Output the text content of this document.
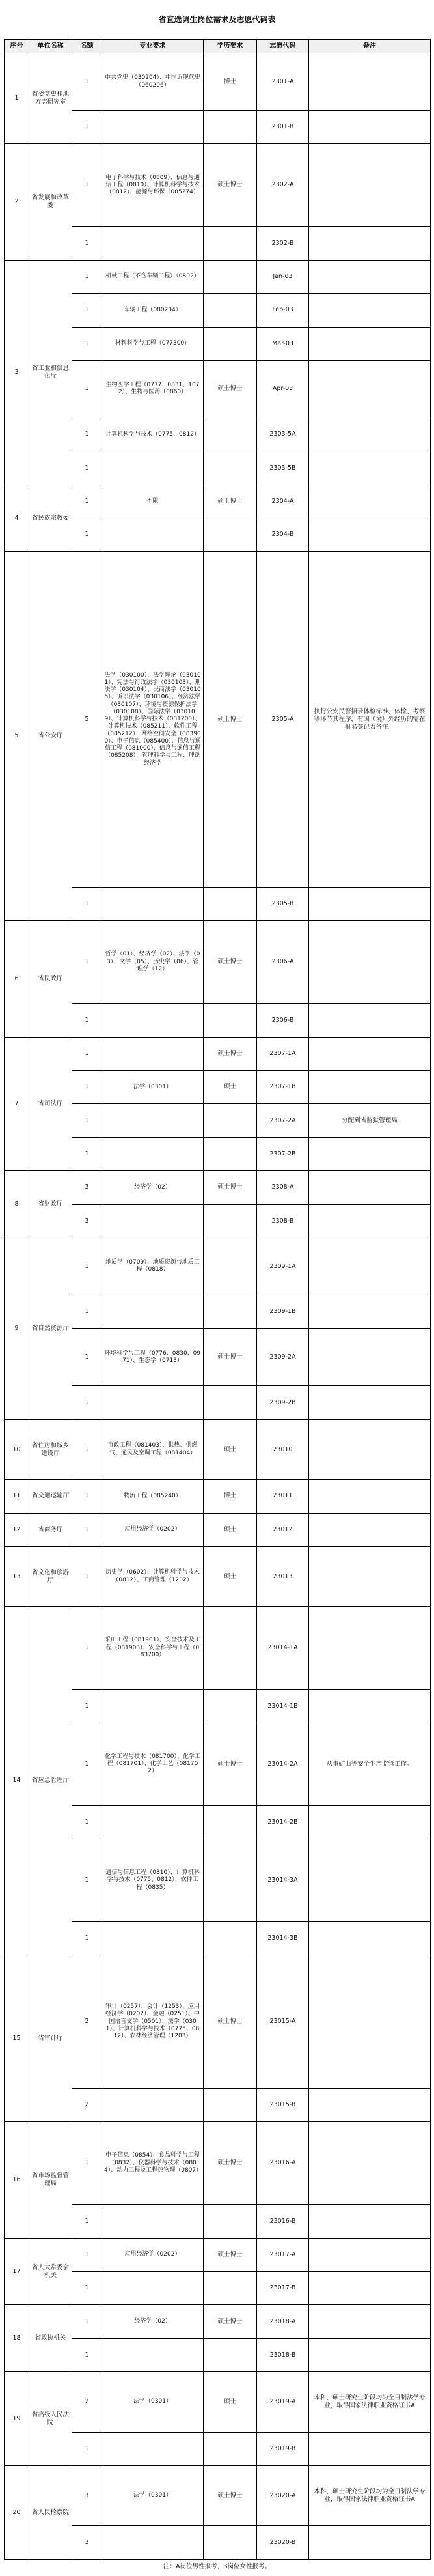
省直选调生岗位需求及志愿代码表
序号	单位名称	名额	专业要求	学历要求	志愿代码	备注
1	省委党史和地方志研究室	1	中共党史（030204）、中国近现代史（060206）	博士	2301-A	
		1			2301-B	
2	省发展和改革委	1	电子科学与技术（0809）、信息与通信工程（0810）、计算机科学与技术（0812）、能源与环保（085274）	硕士博士	2302-A	
		1			2302-B	
3	省工业和信息化厅	1	机械工程（不含车辆工程）（0802）		Jan-03	
		1	车辆工程（080204）		Feb-03	
		1	材料科学与工程（077300）		Mar-03	
		1	生物医学工程（0777、0831、1072）、生物与医药（0860）	硕士博士	Apr-03	
		1	计算机科学与技术（0775、0812）		2303-5A	
		1			2303-5B	
4	省民族宗教委	1	不限	硕士博士	2304-A	
		1			2304-B	
5	省公安厅	5	法学（030100）、法学理论（030101）、宪法与行政法学（030103）、刑法学（030104）、民商法学（030105）、诉讼法学（030106）、经济法学（030107）、环境与资源保护法学（030108）、国际法学（030109）、计算机科学与技术（081200）、计算机技术（085211）、软件工程（085212）、网络空间安全（083900）、电子信息（085400）、信息与通信工程（081000）、信息与通信工程（085208）、管理科学与工程、理论经济学	硕士博士	2305-A	执行公安民警招录体检标准、体检、考察等环节其程序，有国（境）外经历的需在报名登记表备注。
		1			2305-B	
6	省民政厅	1	哲学（01）、经济学（02）、法学（03）、文学（05）、历史学（06）、管理学（12）	硕士博士	2306-A	
		1			2306-B	
7	省司法厅	1		硕士博士	2307-1A	
		1	法学（0301）	硕士	2307-1B	
		1			2307-2A	分配到省监狱管理局
		1			2307-2B	
8	省财政厅	3	经济学（02）	硕士博士	2308-A	
		3			2308-B	
9	省自然资源厅	1	地质学（0709）、地质资源与地质工程（0818）		2309-1A	
		1			2309-1B	
		1	环境科学与工程（0776、0830、0971）、生态学（0713）	硕士博士	2309-2A	
		1			2309-2B	
10	省住房和城乡建设厅	1	市政工程（081403）、供热、供燃气、通风及空调工程（081404）	硕士	23010	
11	省交通运输厅	1	物流工程（085240）	博士	23011	
12	省商务厅	1	应用经济学（0202）	硕士	23012	
13	省文化和旅游厅	1	历史学（0602）、计算机科学与技术（0812）、工商管理（1202）	硕士	23013	
14	省应急管理厅	1	采矿工程（081901）、安全技术及工程（081903）、安全科学与工程（083700）		23014-1A	
		1			23014-1B	
		1	化学工程与技术（081700）、化学工程（081701）、化学工艺（081702）	硕士博士	23014-2A	从事矿山等安全生产监管工作。
		1			23014-2B	
		1	通信与信息工程（0810）、计算机科学与技术（0775、0812）、软件工程（0835）		23014-3A	
		1			23014-3B	
15	省审计厅	2	审计（0257）、会计（1253）、应用经济学（0202）、金融（0251）、中国语言文学（0501）、法学（0301）、计算机科学与技术（0775、0812）、农林经济管理（1203）	硕士博士	23015-A	
		2			23015-B	
16	省市场监督管理局	1	电子信息（0854）、食品科学与工程（0832）、仪器科学与技术（0804）、动力工程及工程热物理（0807）	硕士博士	23016-A	
		1			23016-B	
17	省人大常委会机关	1	应用经济学（0202）	硕士博士	23017-A	
		1			23017-B	
18	省政协机关	1	经济学（02）	硕士博士	23018-A	
		1			23018-B	
19	省高级人民法院	2	法学（0301）	硕士	23019-A	本科、硕士研究生阶段均为全日制法学专业，取得国家法律职业资格证书A
		1			23019-B	
20	省人民检察院	3	法学（0301）	硕士博士	23020-A	本科、硕士研究生阶段均为全日制法学专业，取得国家法律职业资格证书A
		3			23020-B	
注：A岗位男性报考，B岗位女性报考。
